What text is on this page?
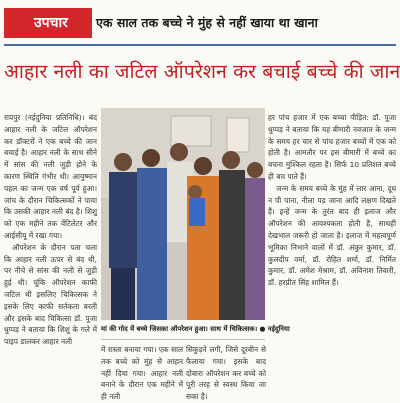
उपचार	एक साल तक बच्चे ने मुंह से नहीं खाया था खाना
आहार नली का जटिल ऑपरेशन कर बचाई बच्चे की जान

रायपुर (नईदुनिया प्रतिनिधि)। बंद आहार नली के जटिल ऑपरेशन कर डॉक्टरों ने एक बच्चे की जान बचाई है। आहार नली के साथ सीने में सांस की नली जुड़ी होने के कारण स्थिति गंभीर थी। आयुष्मान पहल का जन्म एक वर्ष पूर्व हुआ। जांच के दौरान चिकित्सकों ने पाया कि उसकी आहार नली बंद है। शिशु को एक महीने तक वेंटिलेटर और आईसीयू में रखा गया।

ऑपरेशन के दौरान पता चला कि आहार नली ऊपर से बंद थी, पर नीचे से सांस की नली से जुड़ी हुई थी। चूंकि ऑपरेशन काफी जटिल थी इसलिए चिकित्सक ने इसके लिए काफी सर्तकता बरती और इसके बाद चिकित्सा डॉ. पूजा धुप्पड़ ने बताया कि शिशु के गले में पाइप डालकर आहार नली

मां की गोद में बच्चे जिसका ऑपरेशन हुआ। साथ में चिकित्सक। ● नईदुनिया

में रास्ता बनाया गया। एक साल तक बच्चे को मुंह से आहार नहीं दिया गया। आहार नली बनाने के दौरान एक महीने में ही नली

सिकुड़ने लगी, जिसे दूरबीन से फैलाया गया। इसके बाद दोबारा ऑपरेशन कर बच्चे को पूरी तरह से स्वस्थ किया जा सका है।

हर पांच हजार में एक बच्चा पीड़ित: डॉ. पूजा धुप्पड़ ने बताया कि यह बीमारी नवजात के जन्म के समय हर चार से पांच हजार बच्चों में एक को होती है। आमतौर पर इस बीमारी में बच्चे का बचना मुश्किल रहता है। सिर्फ 10 प्रतिशत बच्चे ही बच पाते हैं।

जन्म के समय बच्चे के मुंह में लार आना, दूध न पी पाना, नीला पड़ जाना आदि लक्षण दिखते हैं। इन्हें जन्म के तुरंत बाद ही इलाज और ऑपरेशन की आवश्यकता होती है, साथही देखभाल जरूरी हो जाता है। इलाज में महत्वपूर्ण भूमिका निभाने वालों में डॉ. अंकुर कुमार, डॉ. कुलदीप वर्मा, डॉ. रोहित शर्मा, डॉ. निर्मित कुमार, डॉ. अमेश मेश्राम, डॉ. अविनाश तिवारी, डॉ. हरप्रीत सिंह शामिल हैं।
